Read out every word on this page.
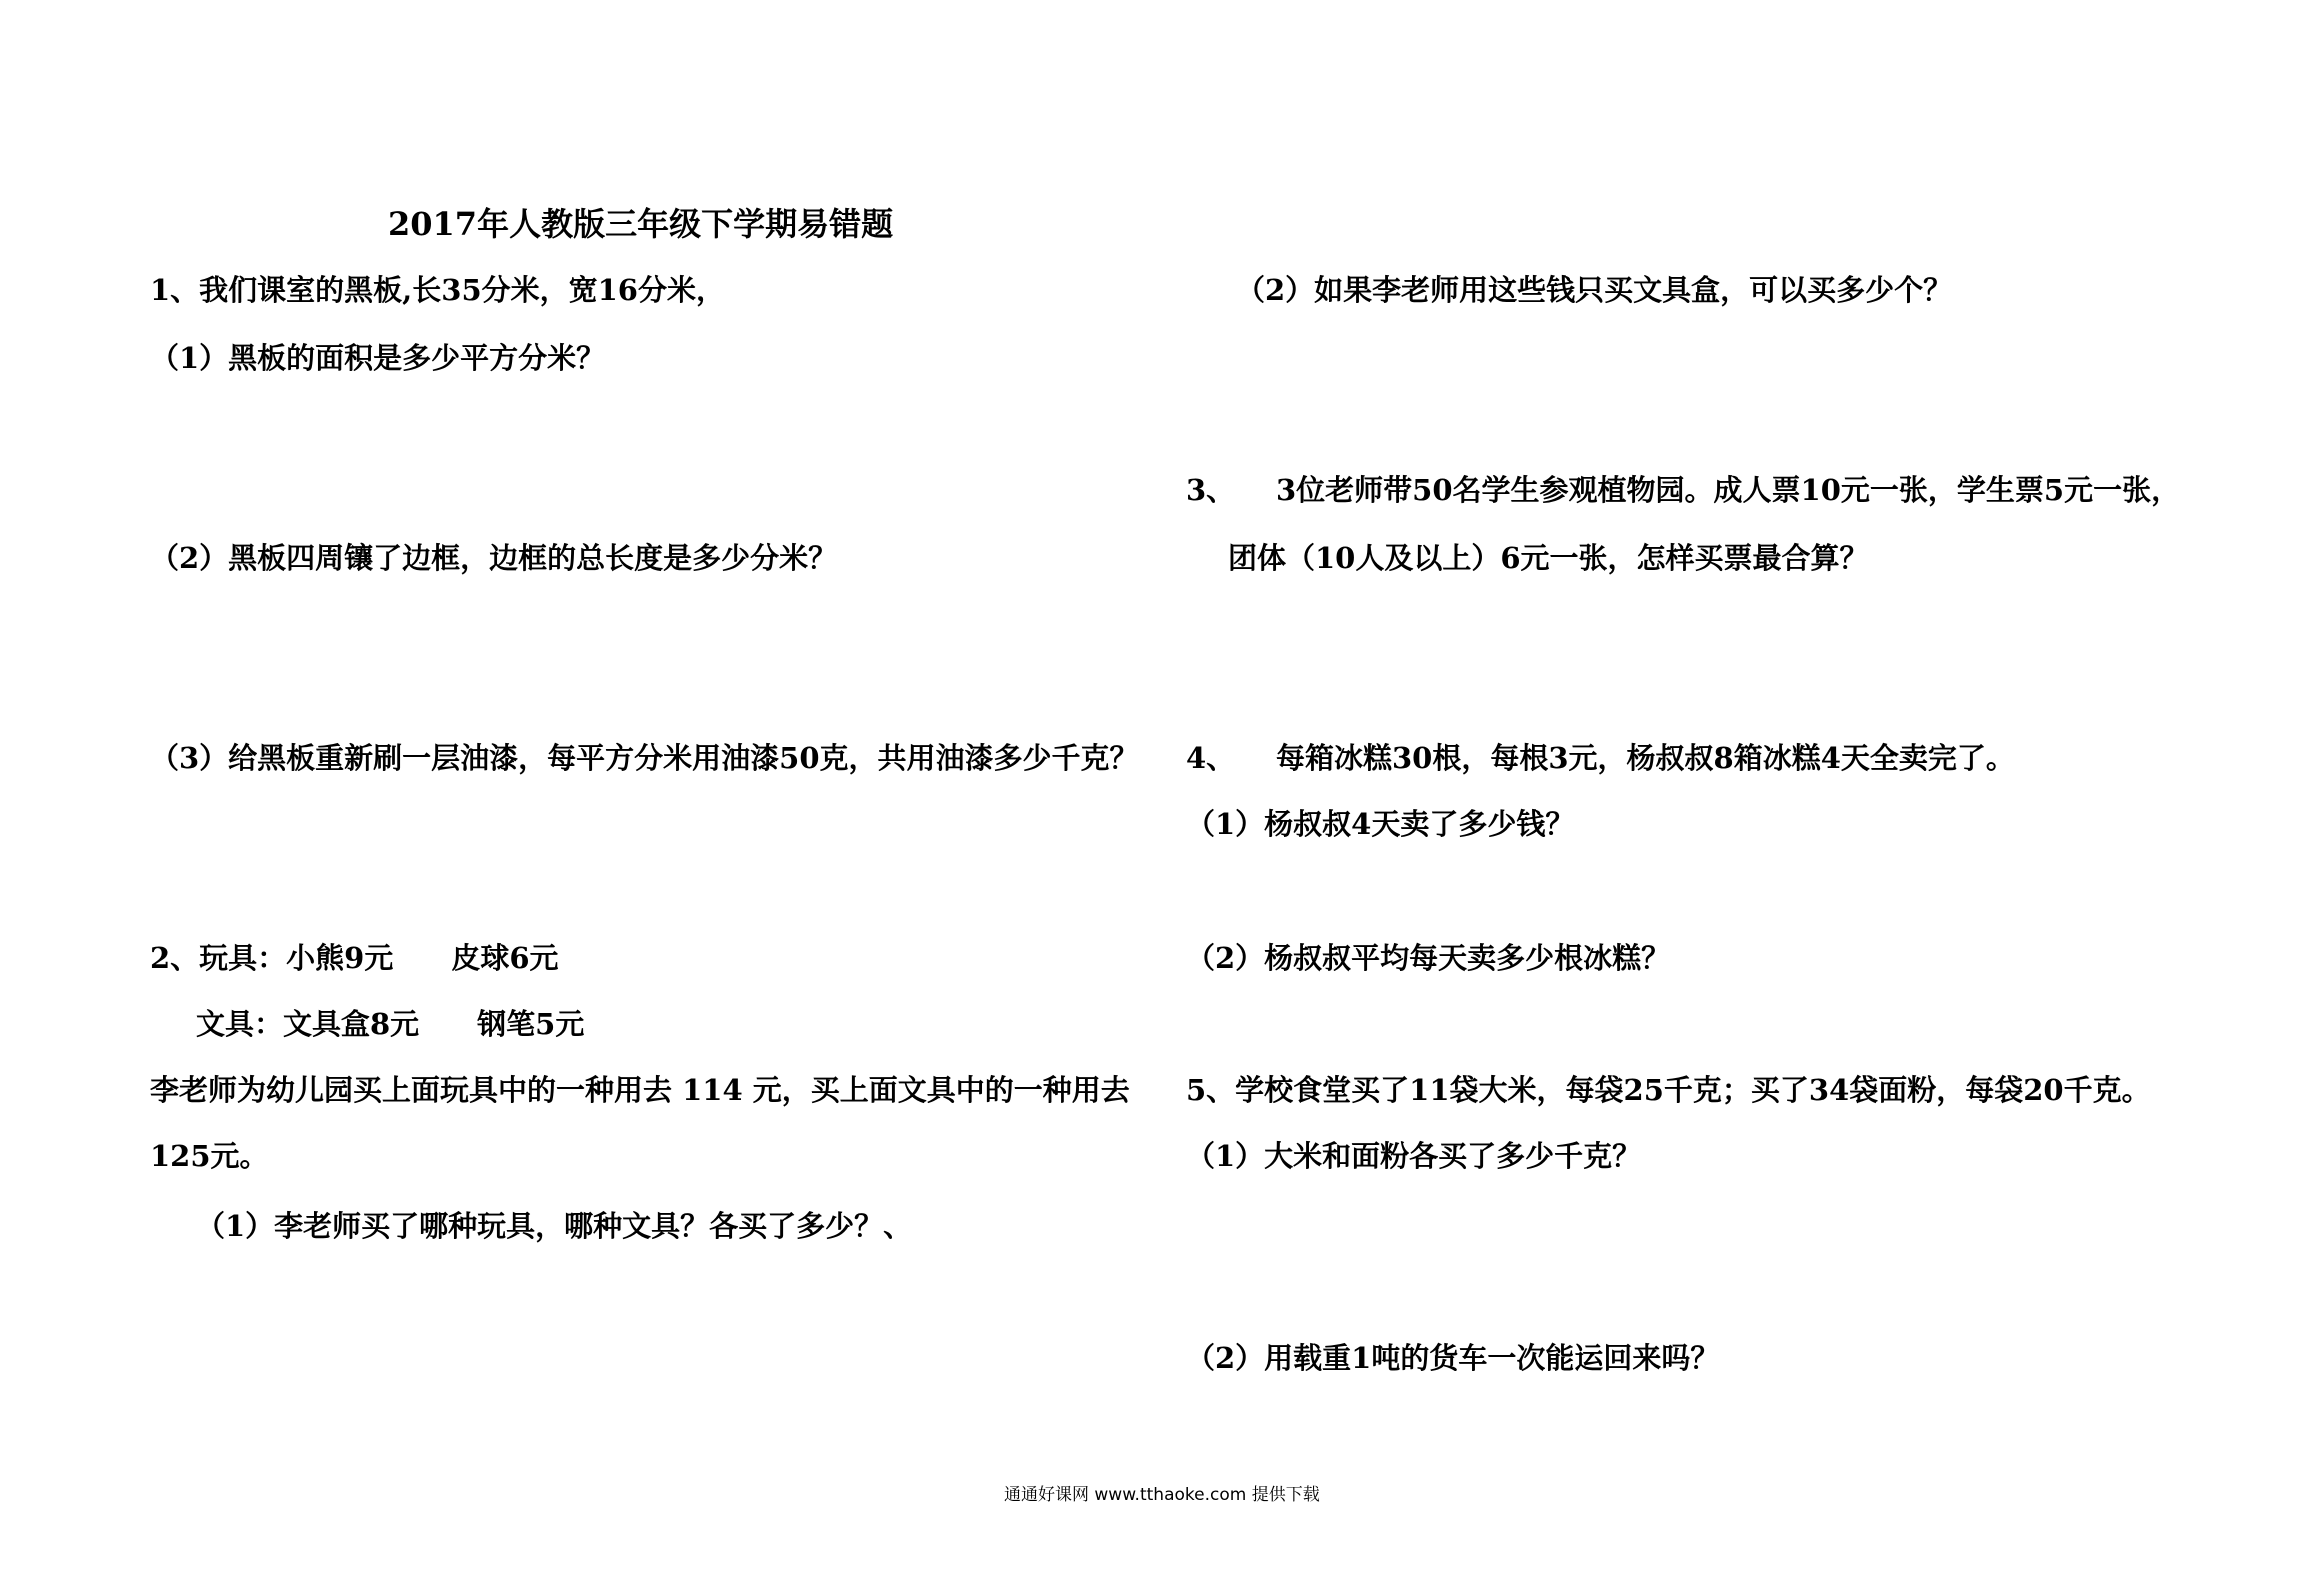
2017年人教版三年级下学期易错题
1、我们课室的黑板,长35分米，宽16分米，
（1）黑板的面积是多少平方分米？
（2）黑板四周镶了边框，边框的总长度是多少分米？
（3）给黑板重新刷一层油漆，每平方分米用油漆50克，共用油漆多少千克？
2、玩具：小熊9元　　皮球6元
文具：文具盒8元　　钢笔5元
李老师为幼儿园买上面玩具中的一种用去 114 元，买上面文具中的一种用去
125元。
（1）李老师买了哪种玩具，哪种文具？各买了多少？、
（2）如果李老师用这些钱只买文具盒，可以买多少个？
3、 3位老师带50名学生参观植物园。成人票10元一张，学生票5元一张，
团体（10人及以上）6元一张，怎样买票最合算？
4、 每箱冰糕30根，每根3元，杨叔叔8箱冰糕4天全卖完了。
（1）杨叔叔4天卖了多少钱？
（2）杨叔叔平均每天卖多少根冰糕？
5、学校食堂买了11袋大米，每袋25千克；买了34袋面粉，每袋20千克。
（1）大米和面粉各买了多少千克？
（2）用载重1吨的货车一次能运回来吗？
通通好课网 www.tthaoke.com 提供下载
